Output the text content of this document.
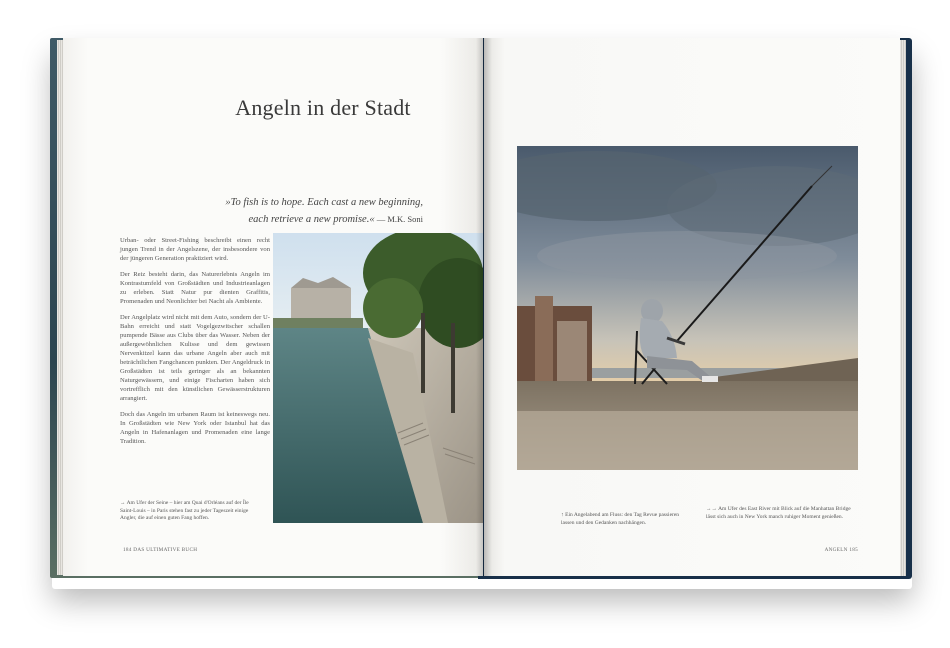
Angeln in der Stadt
»To fish is to hope. Each cast a new beginning,
each retrieve a new promise.« — M.K. Soni

Urban- oder Street-Fishing beschreibt einen recht jungen Trend in der Angelszene, der insbesondere von der jüngeren Generation praktiziert wird.

Der Reiz besteht darin, das Naturerlebnis Angeln im Kontrastumfeld von Großstädten und Industrieanlagen zu erleben. Statt Natur pur dienten Graffitis, Promenaden und Neonlichter bei Nacht als Ambiente.

Der Angelplatz wird nicht mit dem Auto, sondern der U-Bahn erreicht und statt Vogelgezwitscher schallen pumpende Bässe aus Clubs über das Wasser. Neben der außergewöhnlichen Kulisse und dem gewissen Nervenkitzel kann das urbane Angeln aber auch mit beträchtlichen Fangchancen punkten. Der Angeldruck in Großstädten ist teils geringer als an bekannten Naturgewässern, und einige Fischarten haben sich vortrefflich mit den künstlichen Gewässerstrukturen arrangiert.

Doch das Angeln im urbanen Raum ist keineswegs neu. In Großstädten wie New York oder Istanbul hat das Angeln in Hafenanlagen und Promenaden eine lange Tradition.

→ Am Ufer der Seine – hier am Quai d'Orléans auf der Île Saint-Louis – in Paris stehen fast zu jeder Tageszeit einige Angler, die auf einen guten Fang hoffen.
184 DAS ULTIMATIVE BUCH
↑ Ein Angelabend am Fluss: den Tag Revue passieren lassen und den Gedanken nachhängen.
→→ Am Ufer des East River mit Blick auf die Manhattan Bridge lässt sich auch in New York manch ruhiger Moment genießen.
ANGELN 185
